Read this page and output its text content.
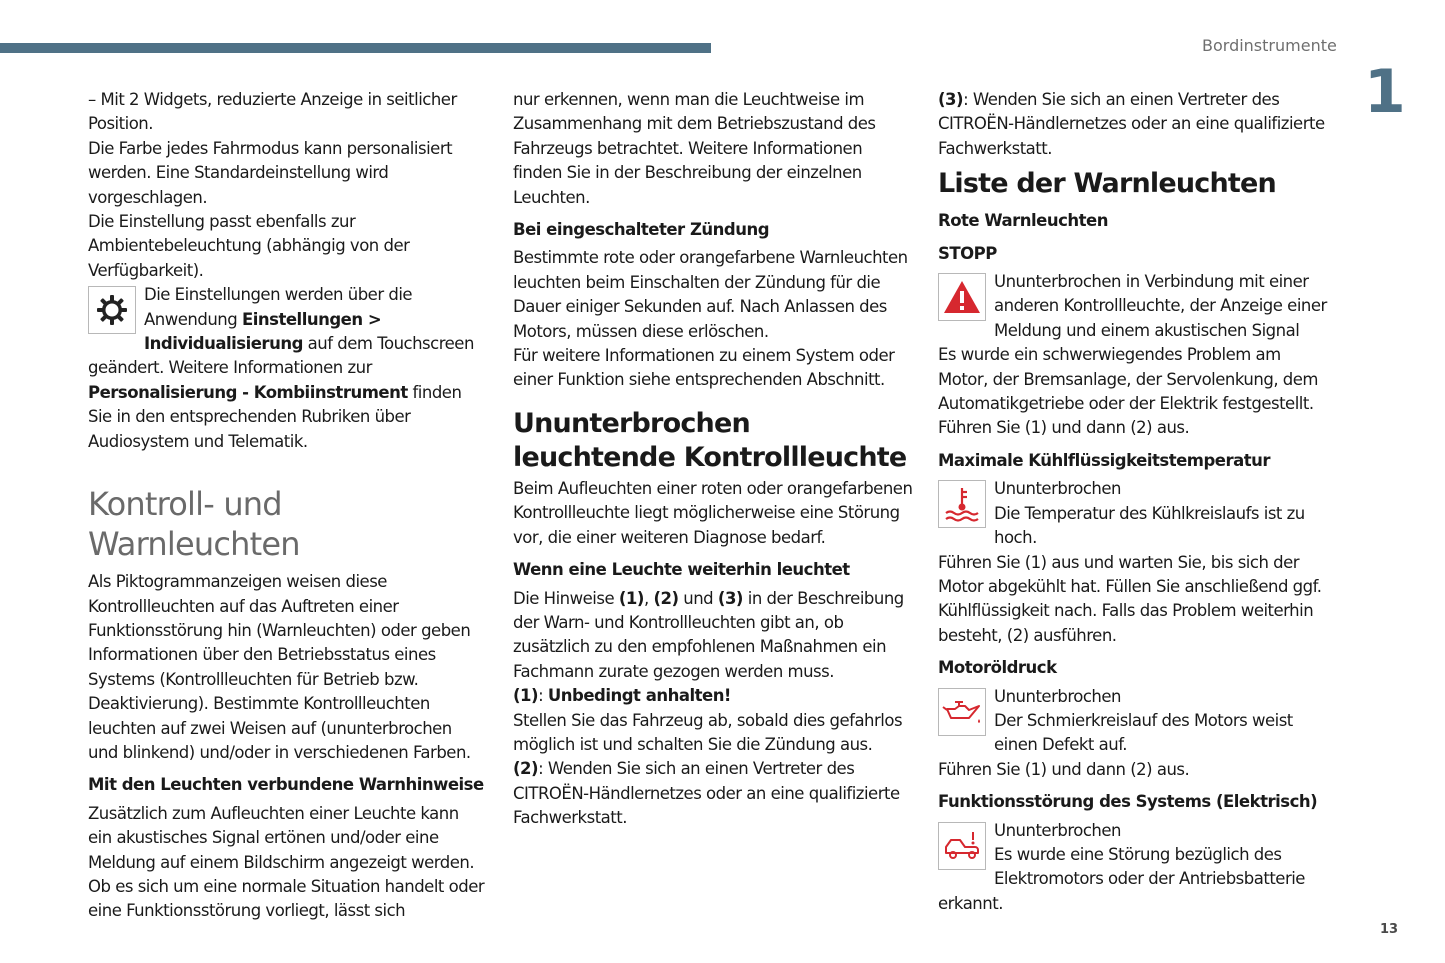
Bordinstrumente
1
13

– Mit 2 Widgets, reduzierte Anzeige in seitlicher Position.

Die Farbe jedes Fahrmodus kann personalisiert werden. Eine Standardeinstellung wird vorgeschlagen.

Die Einstellung passt ebenfalls zur Ambientebeleuchtung (abhängig von der Verfügbarkeit).

Die Einstellungen werden über die Anwendung Einstellungen > Individualisierung auf dem Touchscreen geändert. Weitere Informationen zur Personalisierung - Kombiinstrument finden Sie in den entsprechenden Rubriken über Audiosystem und Telematik.

Kontroll- und Warnleuchten

Als Piktogrammanzeigen weisen diese Kontrollleuchten auf das Auftreten einer Funktionsstörung hin (Warnleuchten) oder geben Informationen über den Betriebsstatus eines Systems (Kontrollleuchten für Betrieb bzw. Deaktivierung). Bestimmte Kontrollleuchten leuchten auf zwei Weisen auf (ununterbrochen und blinkend) und/oder in verschiedenen Farben.

Mit den Leuchten verbundene Warnhinweise

Zusätzlich zum Aufleuchten einer Leuchte kann ein akustisches Signal ertönen und/oder eine Meldung auf einem Bildschirm angezeigt werden.

Ob es sich um eine normale Situation handelt oder eine Funktionsstörung vorliegt, lässt sich

nur erkennen, wenn man die Leuchtweise im Zusammenhang mit dem Betriebszustand des Fahrzeugs betrachtet. Weitere Informationen finden Sie in der Beschreibung der einzelnen Leuchten.

Bei eingeschalteter Zündung

Bestimmte rote oder orangefarbene Warnleuchten leuchten beim Einschalten der Zündung für die Dauer einiger Sekunden auf. Nach Anlassen des Motors, müssen diese erlöschen.

Für weitere Informationen zu einem System oder einer Funktion siehe entsprechenden Abschnitt.

Ununterbrochen leuchtende Kontrollleuchte

Beim Aufleuchten einer roten oder orangefarbenen Kontrollleuchte liegt möglicherweise eine Störung vor, die einer weiteren Diagnose bedarf.

Wenn eine Leuchte weiterhin leuchtet

Die Hinweise (1), (2) und (3) in der Beschreibung der Warn- und Kontrollleuchten gibt an, ob zusätzlich zu den empfohlenen Maßnahmen ein Fachmann zurate gezogen werden muss.

(1): Unbedingt anhalten!

Stellen Sie das Fahrzeug ab, sobald dies gefahrlos möglich ist und schalten Sie die Zündung aus.

(2): Wenden Sie sich an einen Vertreter des CITROËN-Händlernetzes oder an eine qualifizierte Fachwerkstatt.

(3): Wenden Sie sich an einen Vertreter des CITROËN-Händlernetzes oder an eine qualifizierte Fachwerkstatt.

Liste der Warnleuchten

Rote Warnleuchten

STOPP

Ununterbrochen in Verbindung mit einer anderen Kontrollleuchte, der Anzeige einer Meldung und einem akustischen Signal

Es wurde ein schwerwiegendes Problem am Motor, der Bremsanlage, der Servolenkung, dem Automatikgetriebe oder der Elektrik festgestellt.

Führen Sie (1) und dann (2) aus.

Maximale Kühlflüssigkeitstemperatur

Ununterbrochen
Die Temperatur des Kühlkreislaufs ist zu hoch.

Führen Sie (1) aus und warten Sie, bis sich der Motor abgekühlt hat. Füllen Sie anschließend ggf. Kühlflüssigkeit nach. Falls das Problem weiterhin besteht, (2) ausführen.

Motoröldruck

Ununterbrochen
Der Schmierkreislauf des Motors weist einen Defekt auf.

Führen Sie (1) und dann (2) aus.

Funktionsstörung des Systems (Elektrisch)

Ununterbrochen
Es wurde eine Störung bezüglich des Elektromotors oder der Antriebsbatterie erkannt.
